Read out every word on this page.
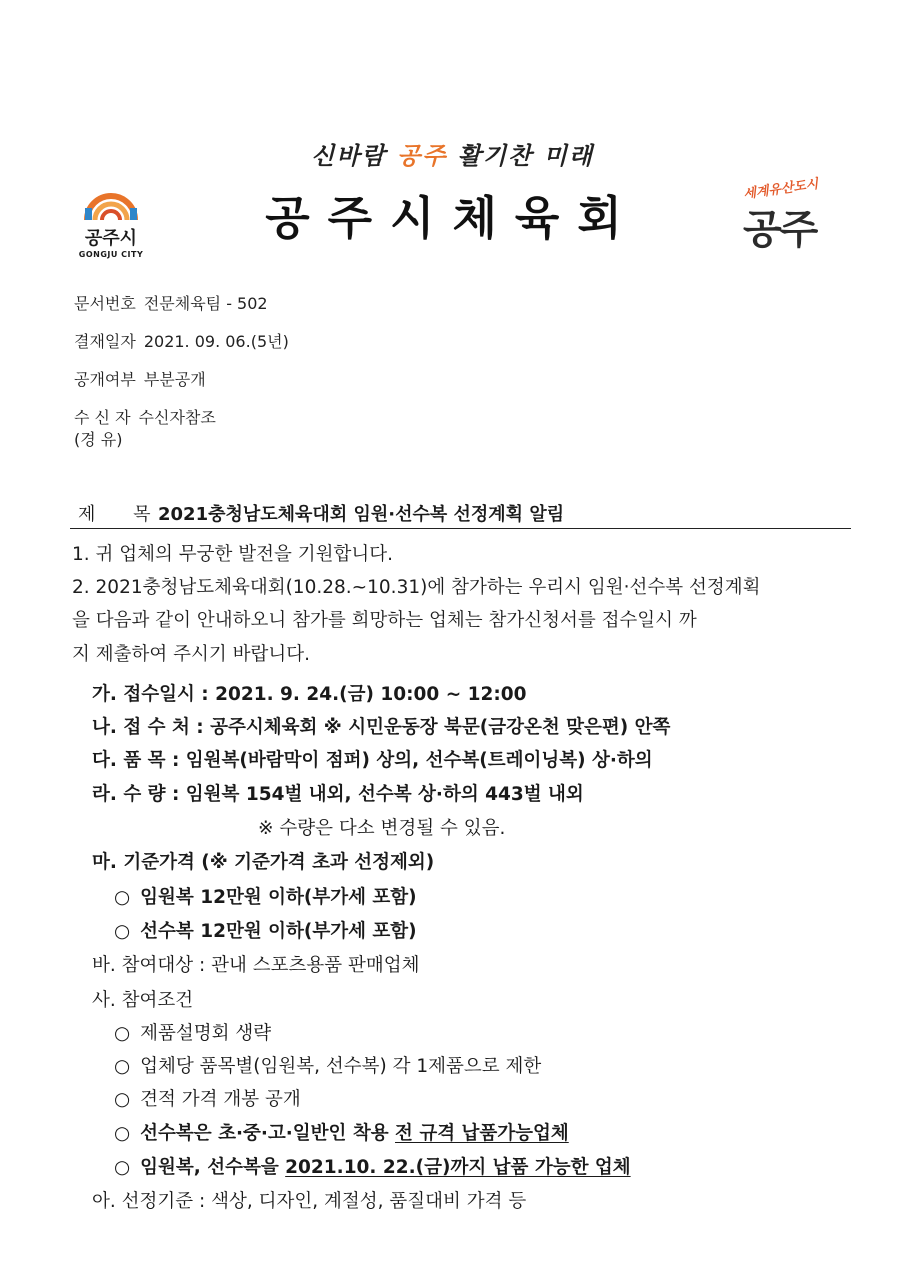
신바람 공주 활기찬 미래
공주시체육회
공주시
GONGJU CITY
세계유산도시
공주
문서번호 전문체육팀 - 502
결재일자 2021. 09. 06.(5년)
공개여부 부분공개
수 신 자 수신자참조
(경 유)
제 목2021충청남도체육대회 임원·선수복 선정계획 알림
1. 귀 업체의 무궁한 발전을 기원합니다.
2. 2021충청남도체육대회(10.28.~10.31)에 참가하는 우리시 임원·선수복 선정계획
을 다음과 같이 안내하오니 참가를 희망하는 업체는 참가신청서를 접수일시 까
지 제출하여 주시기 바랍니다.
가. 접수일시 : 2021. 9. 24.(금) 10:00 ~ 12:00
나. 접 수 처 : 공주시체육회 ※ 시민운동장 북문(금강온천 맞은편) 안쪽
다. 품 목 : 임원복(바람막이 점퍼) 상의, 선수복(트레이닝복) 상·하의
라. 수 량 : 임원복 154벌 내외, 선수복 상·하의 443벌 내외
※ 수량은 다소 변경될 수 있음.
마. 기준가격 (※ 기준가격 초과 선정제외)
○ 임원복 12만원 이하(부가세 포함)
○ 선수복 12만원 이하(부가세 포함)
바. 참여대상 : 관내 스포츠용품 판매업체
사. 참여조건
○ 제품설명회 생략
○ 업체당 품목별(임원복, 선수복) 각 1제품으로 제한
○ 견적 가격 개봉 공개
○ 선수복은 초·중·고·일반인 착용 전 규격 납품가능업체
○ 임원복, 선수복을 2021.10. 22.(금)까지 납품 가능한 업체
아. 선정기준 : 색상, 디자인, 계절성, 품질대비 가격 등
